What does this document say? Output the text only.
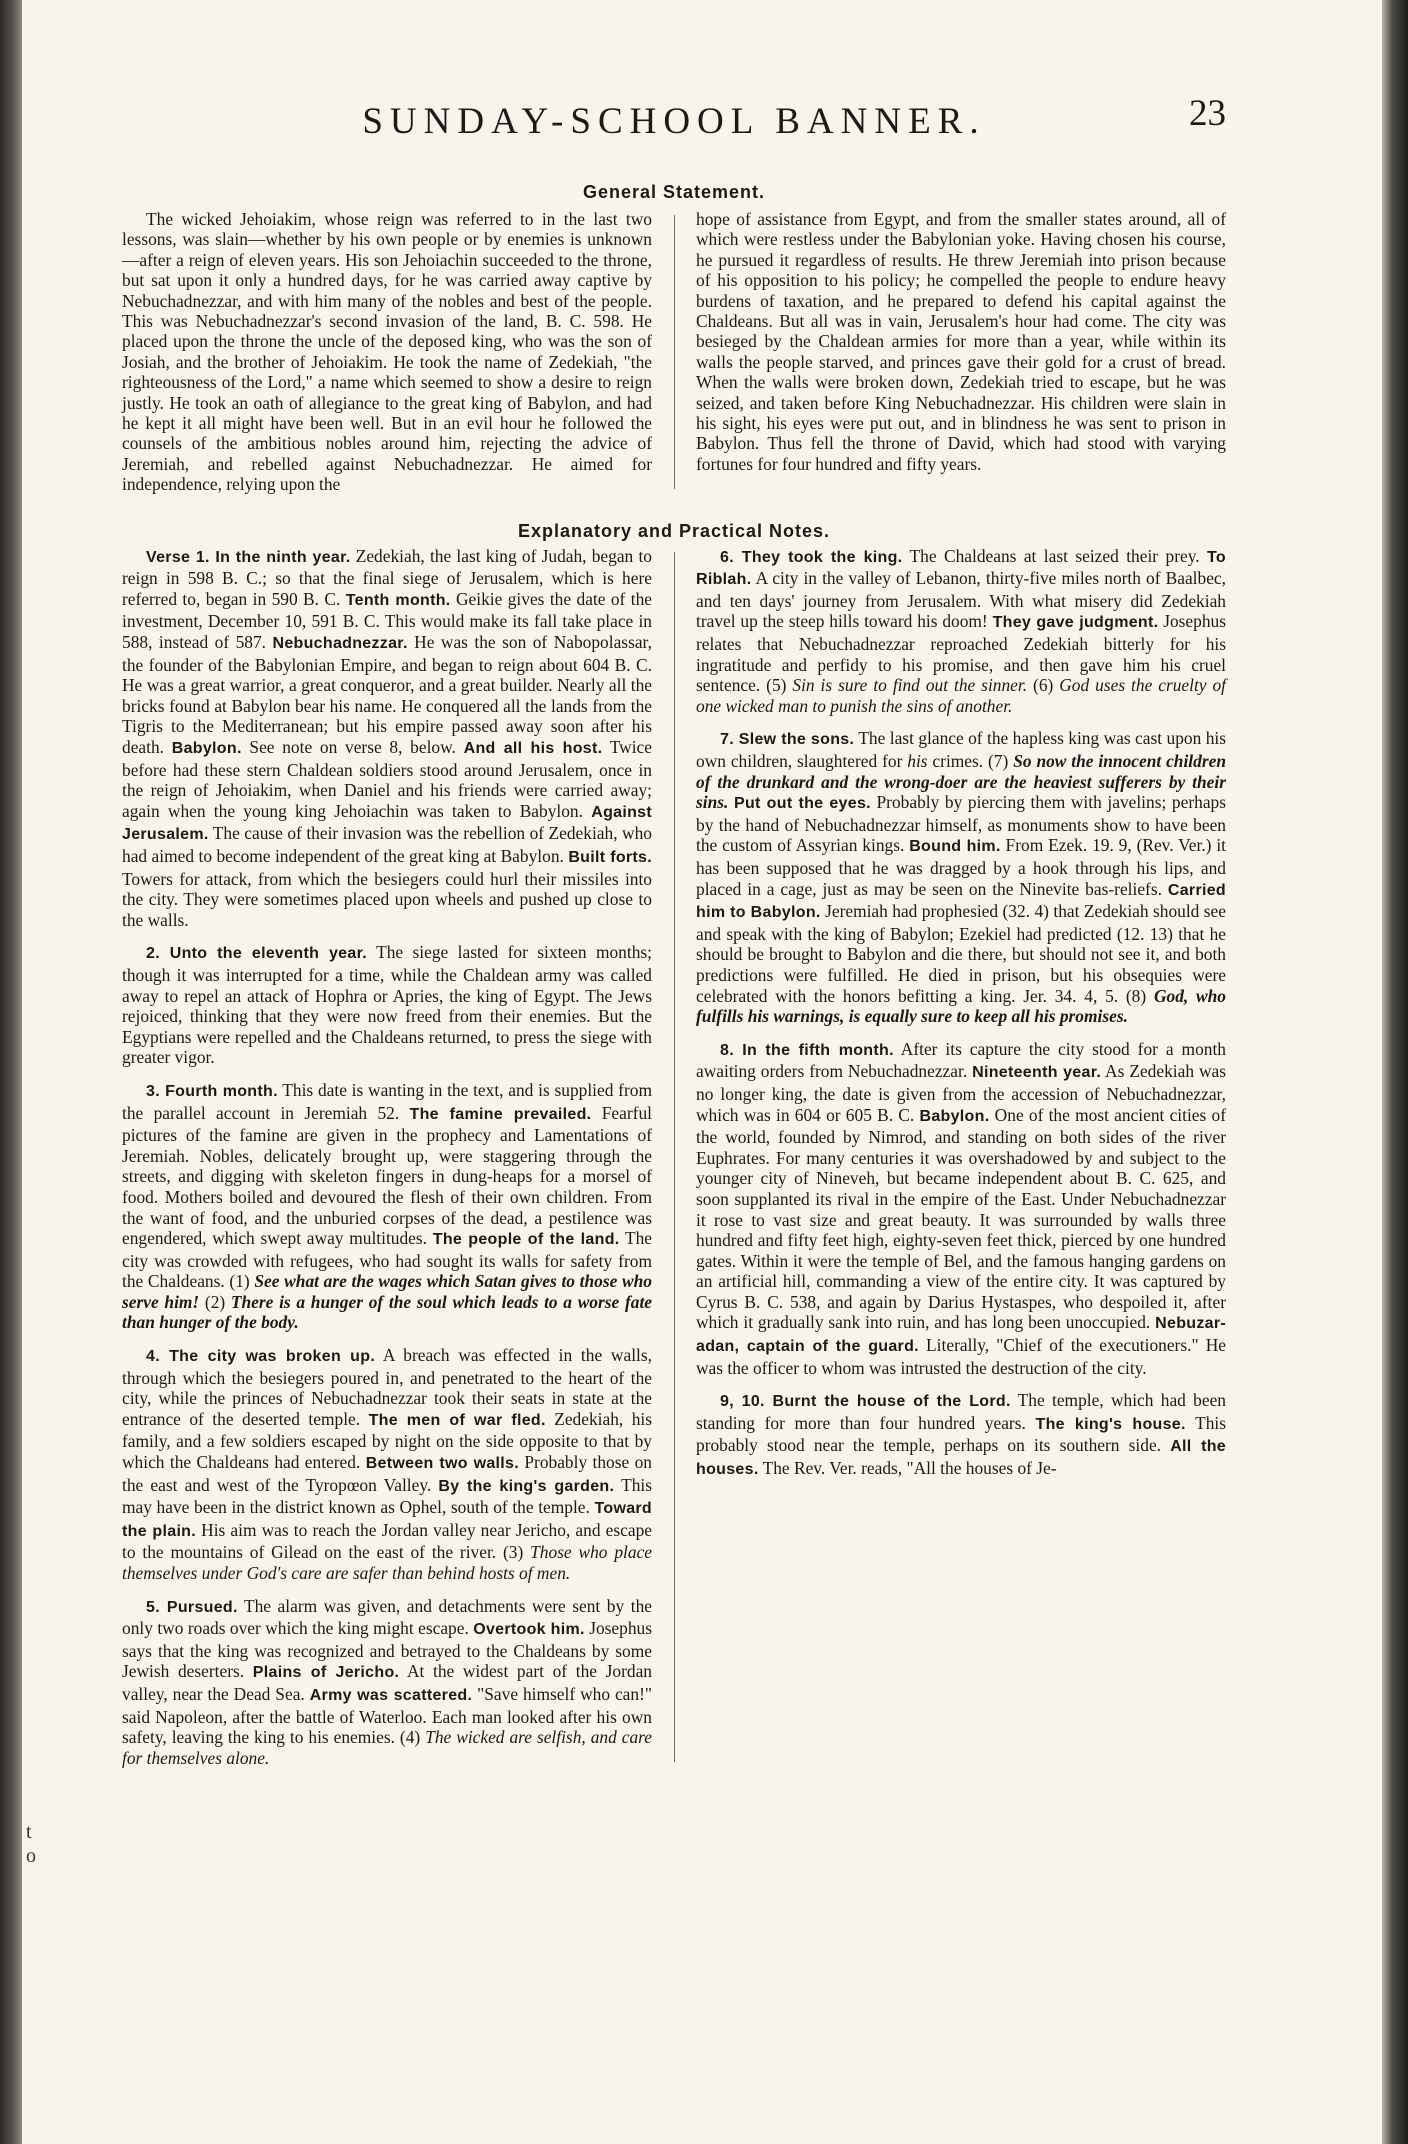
t o
SUNDAY-SCHOOL BANNER.	23
General Statement.

The wicked Jehoiakim, whose reign was referred to in the last two lessons, was slain—whether by his own people or by enemies is unknown—after a reign of eleven years. His son Jehoiachin succeeded to the throne, but sat upon it only a hundred days, for he was carried away captive by Nebuchadnezzar, and with him many of the nobles and best of the people. This was Nebuchadnezzar's second invasion of the land, B. C. 598. He placed upon the throne the uncle of the deposed king, who was the son of Josiah, and the brother of Jehoiakim. He took the name of Zedekiah, "the righteousness of the Lord," a name which seemed to show a desire to reign justly. He took an oath of allegiance to the great king of Babylon, and had he kept it all might have been well. But in an evil hour he followed the counsels of the ambitious nobles around him, rejecting the advice of Jeremiah, and rebelled against Nebuchadnezzar. He aimed for independence, relying upon the

hope of assistance from Egypt, and from the smaller states around, all of which were restless under the Babylonian yoke. Having chosen his course, he pursued it regardless of results. He threw Jeremiah into prison because of his opposition to his policy; he compelled the people to endure heavy burdens of taxation, and he prepared to defend his capital against the Chaldeans. But all was in vain, Jerusalem's hour had come. The city was besieged by the Chaldean armies for more than a year, while within its walls the people starved, and princes gave their gold for a crust of bread. When the walls were broken down, Zedekiah tried to escape, but he was seized, and taken before King Nebuchadnezzar. His children were slain in his sight, his eyes were put out, and in blindness he was sent to prison in Babylon. Thus fell the throne of David, which had stood with varying fortunes for four hundred and fifty years.

Explanatory and Practical Notes.

Verse 1. In the ninth year. Zedekiah, the last king of Judah, began to reign in 598 B. C.; so that the final siege of Jerusalem, which is here referred to, began in 590 B. C. Tenth month. Geikie gives the date of the investment, December 10, 591 B. C. This would make its fall take place in 588, instead of 587. Nebuchadnezzar. He was the son of Nabopolassar, the founder of the Babylonian Empire, and began to reign about 604 B. C. He was a great warrior, a great conqueror, and a great builder. Nearly all the bricks found at Babylon bear his name. He conquered all the lands from the Tigris to the Mediterranean; but his empire passed away soon after his death. Babylon. See note on verse 8, below. And all his host. Twice before had these stern Chaldean soldiers stood around Jerusalem, once in the reign of Jehoiakim, when Daniel and his friends were carried away; again when the young king Jehoiachin was taken to Babylon. Against Jerusalem. The cause of their invasion was the rebellion of Zedekiah, who had aimed to become independent of the great king at Babylon. Built forts. Towers for attack, from which the besiegers could hurl their missiles into the city. They were sometimes placed upon wheels and pushed up close to the walls.

2. Unto the eleventh year. The siege lasted for sixteen months; though it was interrupted for a time, while the Chaldean army was called away to repel an attack of Hophra or Apries, the king of Egypt. The Jews rejoiced, thinking that they were now freed from their enemies. But the Egyptians were repelled and the Chaldeans returned, to press the siege with greater vigor.

3. Fourth month. This date is wanting in the text, and is supplied from the parallel account in Jeremiah 52. The famine prevailed. Fearful pictures of the famine are given in the prophecy and Lamentations of Jeremiah. Nobles, delicately brought up, were staggering through the streets, and digging with skeleton fingers in dung-heaps for a morsel of food. Mothers boiled and devoured the flesh of their own children. From the want of food, and the unburied corpses of the dead, a pestilence was engendered, which swept away multitudes. The people of the land. The city was crowded with refugees, who had sought its walls for safety from the Chaldeans. (1) See what are the wages which Satan gives to those who serve him! (2) There is a hunger of the soul which leads to a worse fate than hunger of the body.

4. The city was broken up. A breach was effected in the walls, through which the besiegers poured in, and penetrated to the heart of the city, while the princes of Nebuchadnezzar took their seats in state at the entrance of the deserted temple. The men of war fled. Zedekiah, his family, and a few soldiers escaped by night on the side opposite to that by which the Chaldeans had entered. Between two walls. Probably those on the east and west of the Tyropœon Valley. By the king's garden. This may have been in the district known as Ophel, south of the temple. Toward the plain. His aim was to reach the Jordan valley near Jericho, and escape to the mountains of Gilead on the east of the river. (3) Those who place themselves under God's care are safer than behind hosts of men.

5. Pursued. The alarm was given, and detachments were sent by the only two roads over which the king might escape. Overtook him. Josephus says that the king was recognized and betrayed to the Chaldeans by some Jewish deserters. Plains of Jericho. At the widest part of the Jordan valley, near the Dead Sea. Army was scattered. "Save himself who can!" said Napoleon, after the battle of Waterloo. Each man looked after his own safety, leaving the king to his enemies. (4) The wicked are selfish, and care for themselves alone.

6. They took the king. The Chaldeans at last seized their prey. To Riblah. A city in the valley of Lebanon, thirty-five miles north of Baalbec, and ten days' journey from Jerusalem. With what misery did Zedekiah travel up the steep hills toward his doom! They gave judgment. Josephus relates that Nebuchadnezzar reproached Zedekiah bitterly for his ingratitude and perfidy to his promise, and then gave him his cruel sentence. (5) Sin is sure to find out the sinner. (6) God uses the cruelty of one wicked man to punish the sins of another.

7. Slew the sons. The last glance of the hapless king was cast upon his own children, slaughtered for his crimes. (7) So now the innocent children of the drunkard and the wrong-doer are the heaviest sufferers by their sins. Put out the eyes. Probably by piercing them with javelins; perhaps by the hand of Nebuchadnezzar himself, as monuments show to have been the custom of Assyrian kings. Bound him. From Ezek. 19. 9, (Rev. Ver.) it has been supposed that he was dragged by a hook through his lips, and placed in a cage, just as may be seen on the Ninevite bas-reliefs. Carried him to Babylon. Jeremiah had prophesied (32. 4) that Zedekiah should see and speak with the king of Babylon; Ezekiel had predicted (12. 13) that he should be brought to Babylon and die there, but should not see it, and both predictions were fulfilled. He died in prison, but his obsequies were celebrated with the honors befitting a king. Jer. 34. 4, 5. (8) God, who fulfills his warnings, is equally sure to keep all his promises.

8. In the fifth month. After its capture the city stood for a month awaiting orders from Nebuchadnezzar. Nineteenth year. As Zedekiah was no longer king, the date is given from the accession of Nebuchadnezzar, which was in 604 or 605 B. C. Babylon. One of the most ancient cities of the world, founded by Nimrod, and standing on both sides of the river Euphrates. For many centuries it was overshadowed by and subject to the younger city of Nineveh, but became independent about B. C. 625, and soon supplanted its rival in the empire of the East. Under Nebuchadnezzar it rose to vast size and great beauty. It was surrounded by walls three hundred and fifty feet high, eighty-seven feet thick, pierced by one hundred gates. Within it were the temple of Bel, and the famous hanging gardens on an artificial hill, commanding a view of the entire city. It was captured by Cyrus B. C. 538, and again by Darius Hystaspes, who despoiled it, after which it gradually sank into ruin, and has long been unoccupied. Nebuzar-adan, captain of the guard. Literally, "Chief of the executioners." He was the officer to whom was intrusted the destruction of the city.

9, 10. Burnt the house of the Lord. The temple, which had been standing for more than four hundred years. The king's house. This probably stood near the temple, perhaps on its southern side. All the houses. The Rev. Ver. reads, "All the houses of Je-
